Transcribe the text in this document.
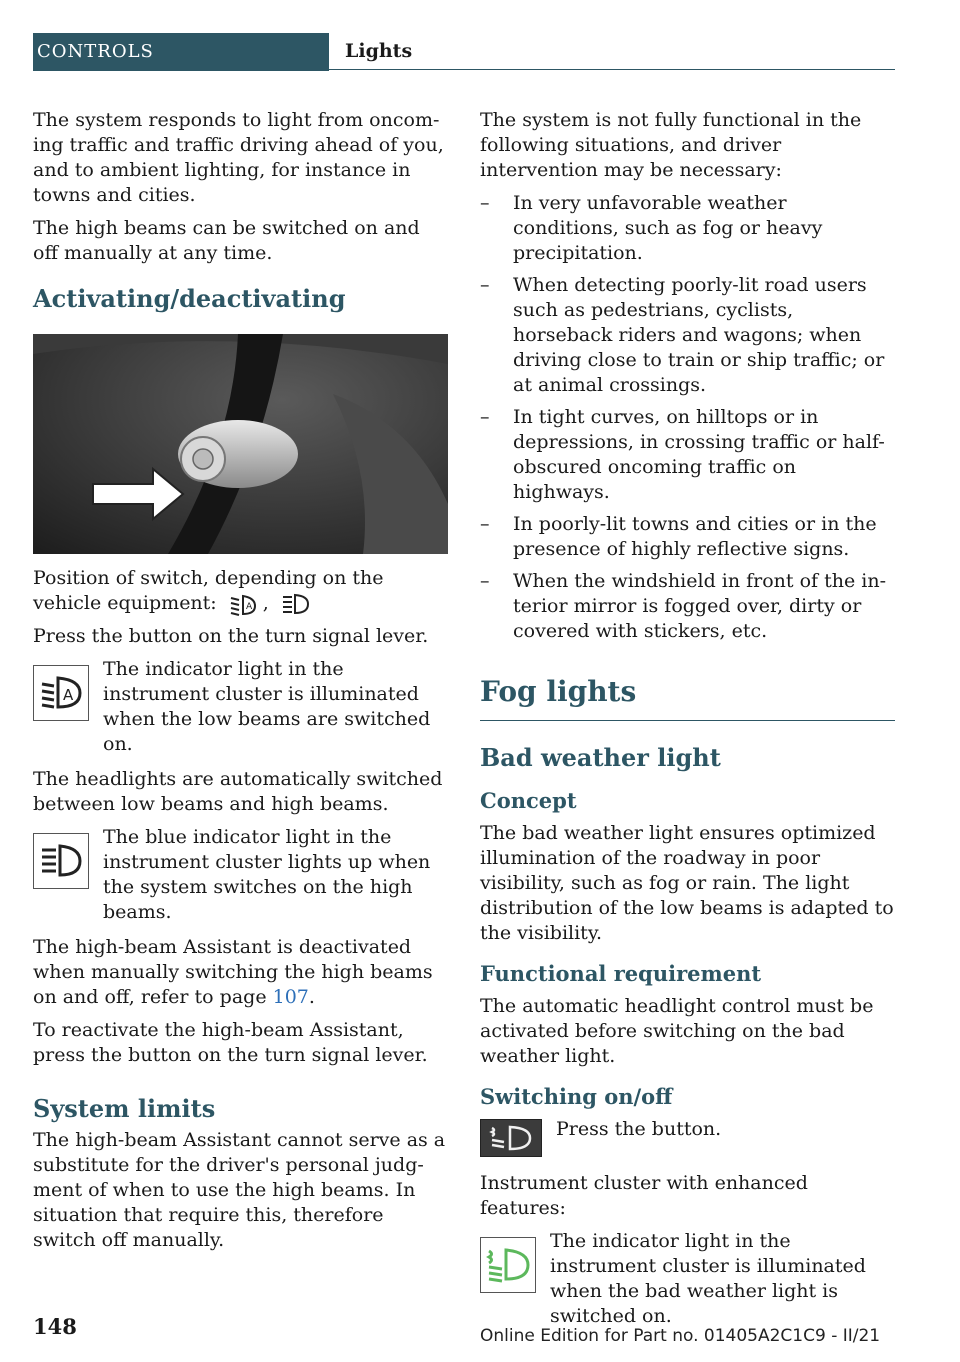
CONTROLS	Lights

The system responds to light from oncoming traffic and traffic driving ahead of you, and to ambient lighting, for instance in towns and cities.

The high beams can be switched on and off manually at any time.

Activating/deactivating

Position of switch, depending on the vehicle equipment:	A ,

Press the button on the turn signal lever.

A

The indicator light in the instrument cluster is illuminated when the low beams are switched on.

The headlights are automatically switched between low beams and high beams.

The blue indicator light in the instrument cluster lights up when the system switches on the high beams.

The high-beam Assistant is deactivated when manually switching the high beams on and off, refer to page 107.

To reactivate the high-beam Assistant, press the button on the turn signal lever.

System limits

The high-beam Assistant cannot serve as a substitute for the driver's personal judgment of when to use the high beams. In situation that require this, therefore switch off manually.

The system is not fully functional in the following situations, and driver intervention may be necessary:

– In very unfavorable weather conditions, such as fog or heavy precipitation.
– When detecting poorly-lit road users such as pedestrians, cyclists, horseback riders and wagons; when driving close to train or ship traffic; or at animal crossings.
– In tight curves, on hilltops or in depressions, in crossing traffic or half-obscured oncoming traffic on highways.
– In poorly-lit towns and cities or in the presence of highly reflective signs.
– When the windshield in front of the interior mirror is fogged over, dirty or covered with stickers, etc.
Fog lights
Bad weather light
Concept

The bad weather light ensures optimized illumination of the roadway in poor visibility, such as fog or rain. The light distribution of the low beams is adapted to the visibility.

Functional requirement

The automatic headlight control must be activated before switching on the bad weather light.

Switching on/off

Press the button.

Instrument cluster with enhanced features:

The indicator light in the instrument cluster is illuminated when the bad weather light is switched on.

148	Online Edition for Part no. 01405A2C1C9 - II/21
